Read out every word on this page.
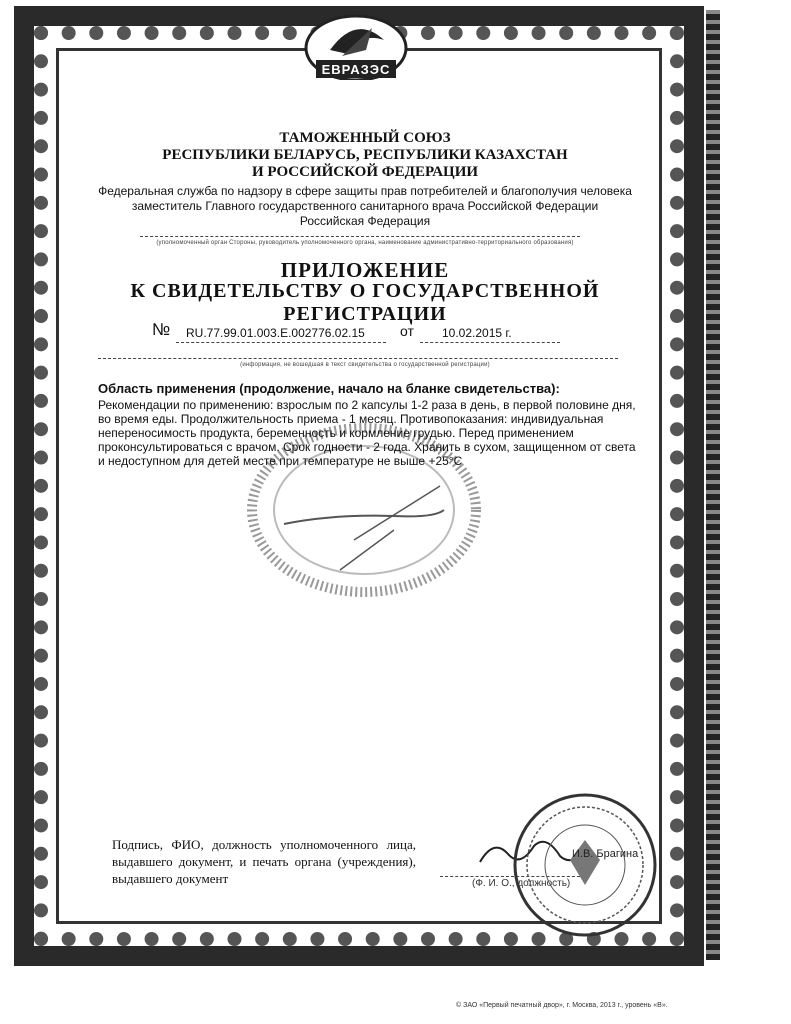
ЕВРАЗЭС
ТАМОЖЕННЫЙ СОЮЗ
РЕСПУБЛИКИ БЕЛАРУСЬ, РЕСПУБЛИКИ КАЗАХСТАН
И РОССИЙСКОЙ ФЕДЕРАЦИИ
Федеральная служба по надзору в сфере защиты прав потребителей и благополучия человека
заместитель Главного государственного санитарного врача Российской Федерации
Российская Федерация
(уполномоченный орган Стороны, руководитель уполномоченного органа, наименование административно-территориального образования)
ПРИЛОЖЕНИЕ
К СВИДЕТЕЛЬСТВУ О ГОСУДАРСТВЕННОЙ РЕГИСТРАЦИИ
№ RU.77.99.01.003.Е.002776.02.15	от 10.02.2015 г.
(информация, не вошедшая в текст свидетельства о государственной регистрации)
Область применения (продолжение, начало на бланке свидетельства):
Рекомендации по применению: взрослым по 2 капсулы 1-2 раза в день, в первой половине дня,
во время еды. Продолжительность приема - 1 месяц. Противопоказания: индивидуальная
непереносимость продукта, беременность и кормление грудью. Перед применением
проконсультироваться с врачом. Срок годности - 2 года. Хранить в сухом, защищенном от света
и недоступном для детей месте при температуре не выше +25°С
Подпись, ФИО, должность уполномоченного лица, выдавшего документ, и печать органа (учреждения), выдавшего документ	(Ф. И. О., должность)
И.В. Брагина
© ЗАО «Первый печатный двор», г. Москва, 2013 г., уровень «В».
